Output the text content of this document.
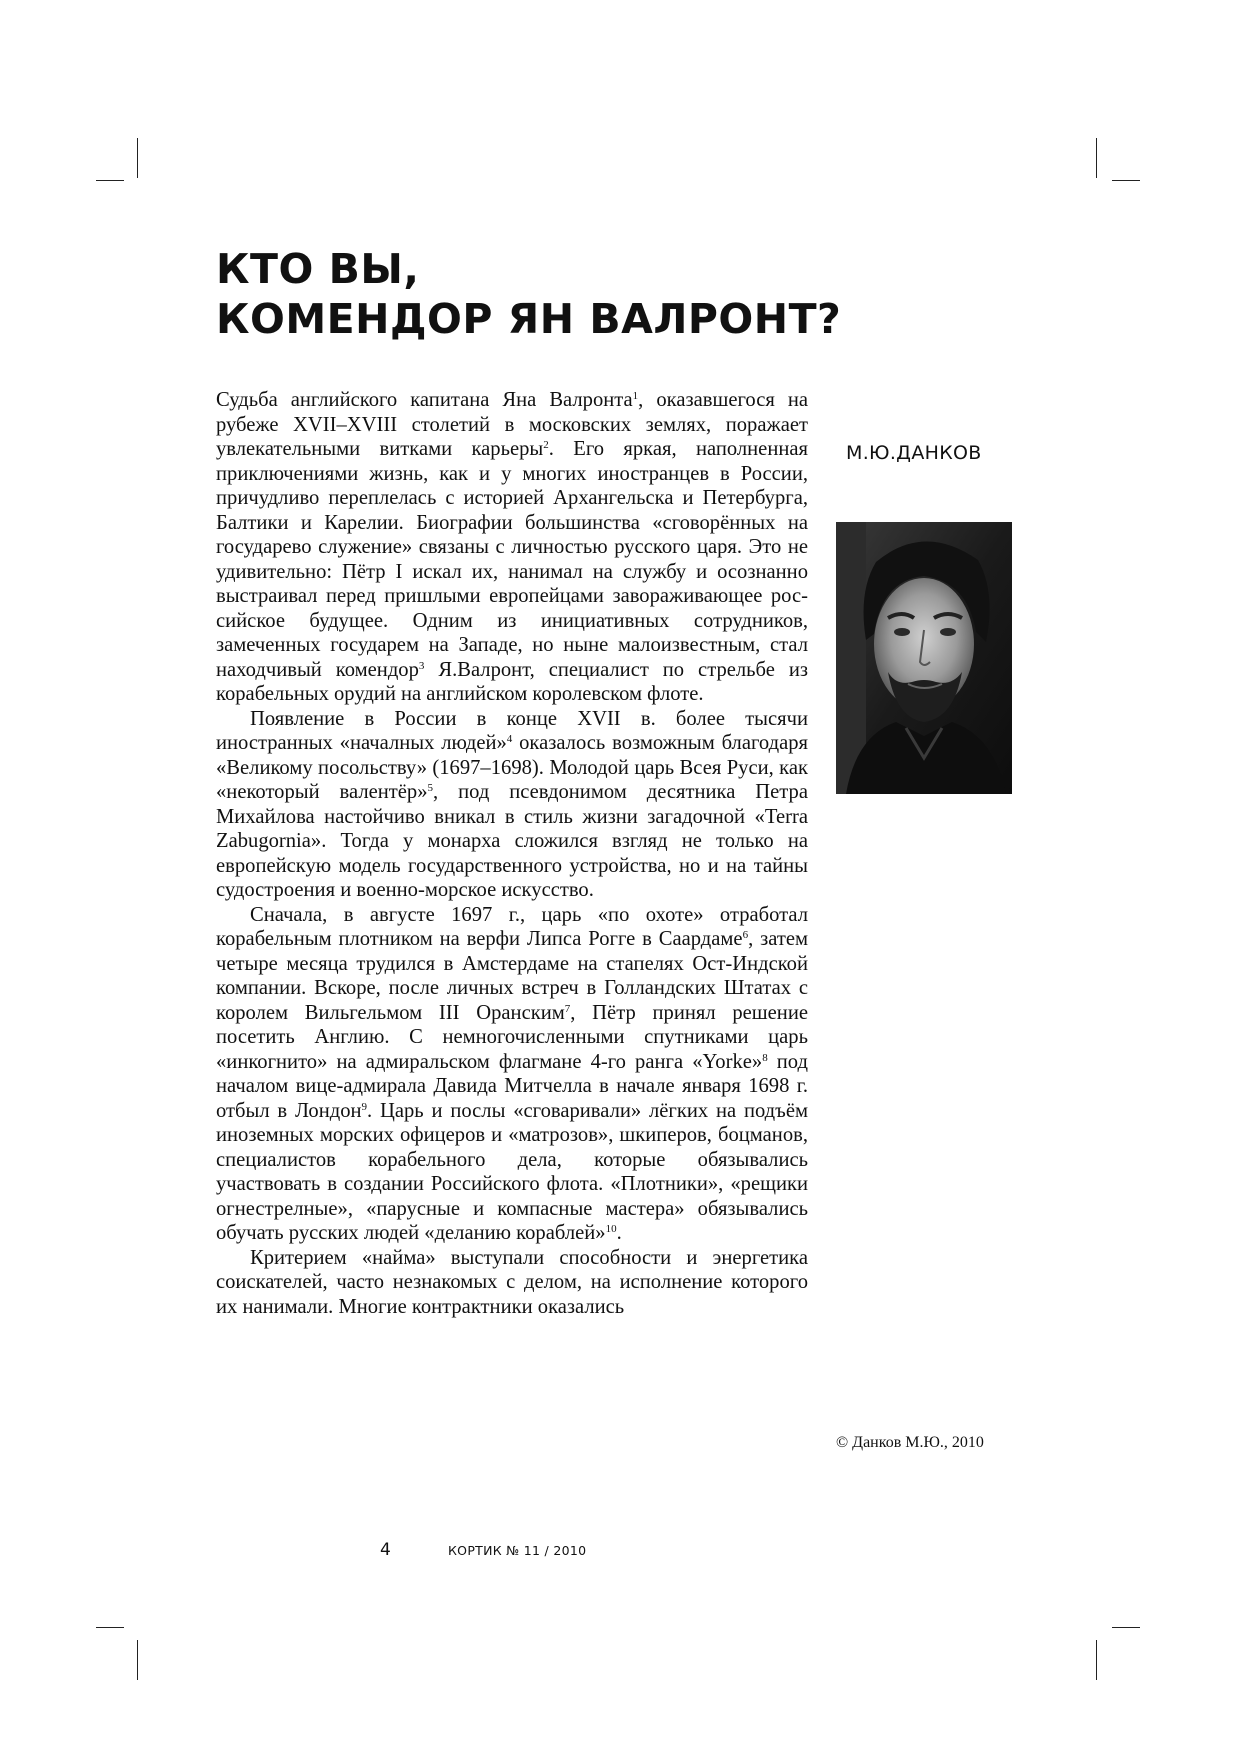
КТО ВЫ,
КОМЕНДОР ЯН ВАЛРОНТ?

Судьба английского капитана Яна Валронта$^1$, оказавшегося на рубеже XVII–XVIII столетий в московских землях, поражает увлекательными витками карьеры$^2$. Его яркая, наполненная приключениями жизнь, как и у многих иностранцев в России, причудливо переплелась с историей Архангельска и Петербурга, Балтики и Карелии. Биографии большинства «сговорённых на государево служение» связаны с личностью русского царя. Это не удивительно: Пётр I искал их, нанимал на службу и осознанно выстраивал перед пришлыми европейцами завораживающее российское будущее. Одним из инициативных сотрудников, замеченных государем на Западе, но ныне малоизвестным, стал находчивый комендор$^3$ Я.Валронт, специалист по стрельбе из корабельных орудий на английском королевском флоте.

Появление в России в конце XVII в. более тысячи иностранных «началных людей»$^4$ оказалось возможным благодаря «Великому посольству» (1697–1698). Молодой царь Всея Руси, как «некоторый валентёр»$^5$, под псевдонимом десятника Петра Михайлова настойчиво вникал в стиль жизни загадочной «Terra Zabugornia». Тогда у монарха сложился взгляд не только на европейскую модель государственного устройства, но и на тайны судостроения и военно-морское искусство.

Сначала, в августе 1697 г., царь «по охоте» отработал корабельным плотником на верфи Липса Рогге в Саардаме$^6$, затем четыре месяца трудился в Амстердаме на стапелях Ост-Индской компании. Вскоре, после личных встреч в Голландских Штатах с королем Вильгельмом III Оранским$^7$, Пётр принял решение посетить Англию. С немногочисленными спутниками царь «инкогнито» на адмиральском флагмане 4-го ранга «Yorke»$^8$ под началом вице-адмирала Давида Митчелла в начале января 1698 г. отбыл в Лондон$^9$. Царь и послы «сговаривали» лёгких на подъём иноземных морских офицеров и «матрозов», шкиперов, боцманов, специалистов корабельного дела, которые обязывались участвовать в создании Российского флота. «Плотники», «рещики огнестрелные», «парусные и компасные мастера» обязывались обучать русских людей «деланию кораблей»$^{10}$.

Критерием «найма» выступали способности и энергетика соискателей, часто незнакомых с делом, на исполнение которого их нанимали. Многие контрактники оказались

М.Ю.ДАНКОВ
© Данков М.Ю., 2010
4	КОРТИК № 11 / 2010
